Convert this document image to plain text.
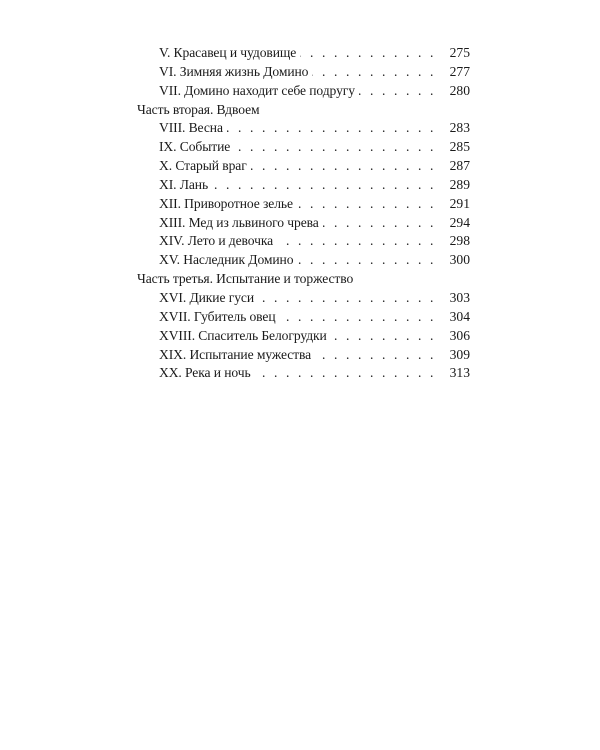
V. Красавец и чудовище . . .	275
VI. Зимняя жизнь Домино . . .	277
VII. Домино находит себе подругу . . .	280
Часть вторая. Вдвоем
VIII. Весна . . .	283
IX. Событие . . .	285
X. Старый враг . . .	287
XI. Лань . . .	289
XII. Приворотное зелье . . .	291
XIII. Мед из львиного чрева . . .	294
XIV. Лето и девочка . . .	298
XV. Наследник Домино . . .	300
Часть третья. Испытание и торжество
XVI. Дикие гуси . . .	303
XVII. Губитель овец . . .	304
XVIII. Спаситель Белогрудки . . .	306
XIX. Испытание мужества . . .	309
XX. Река и ночь . . .	313
